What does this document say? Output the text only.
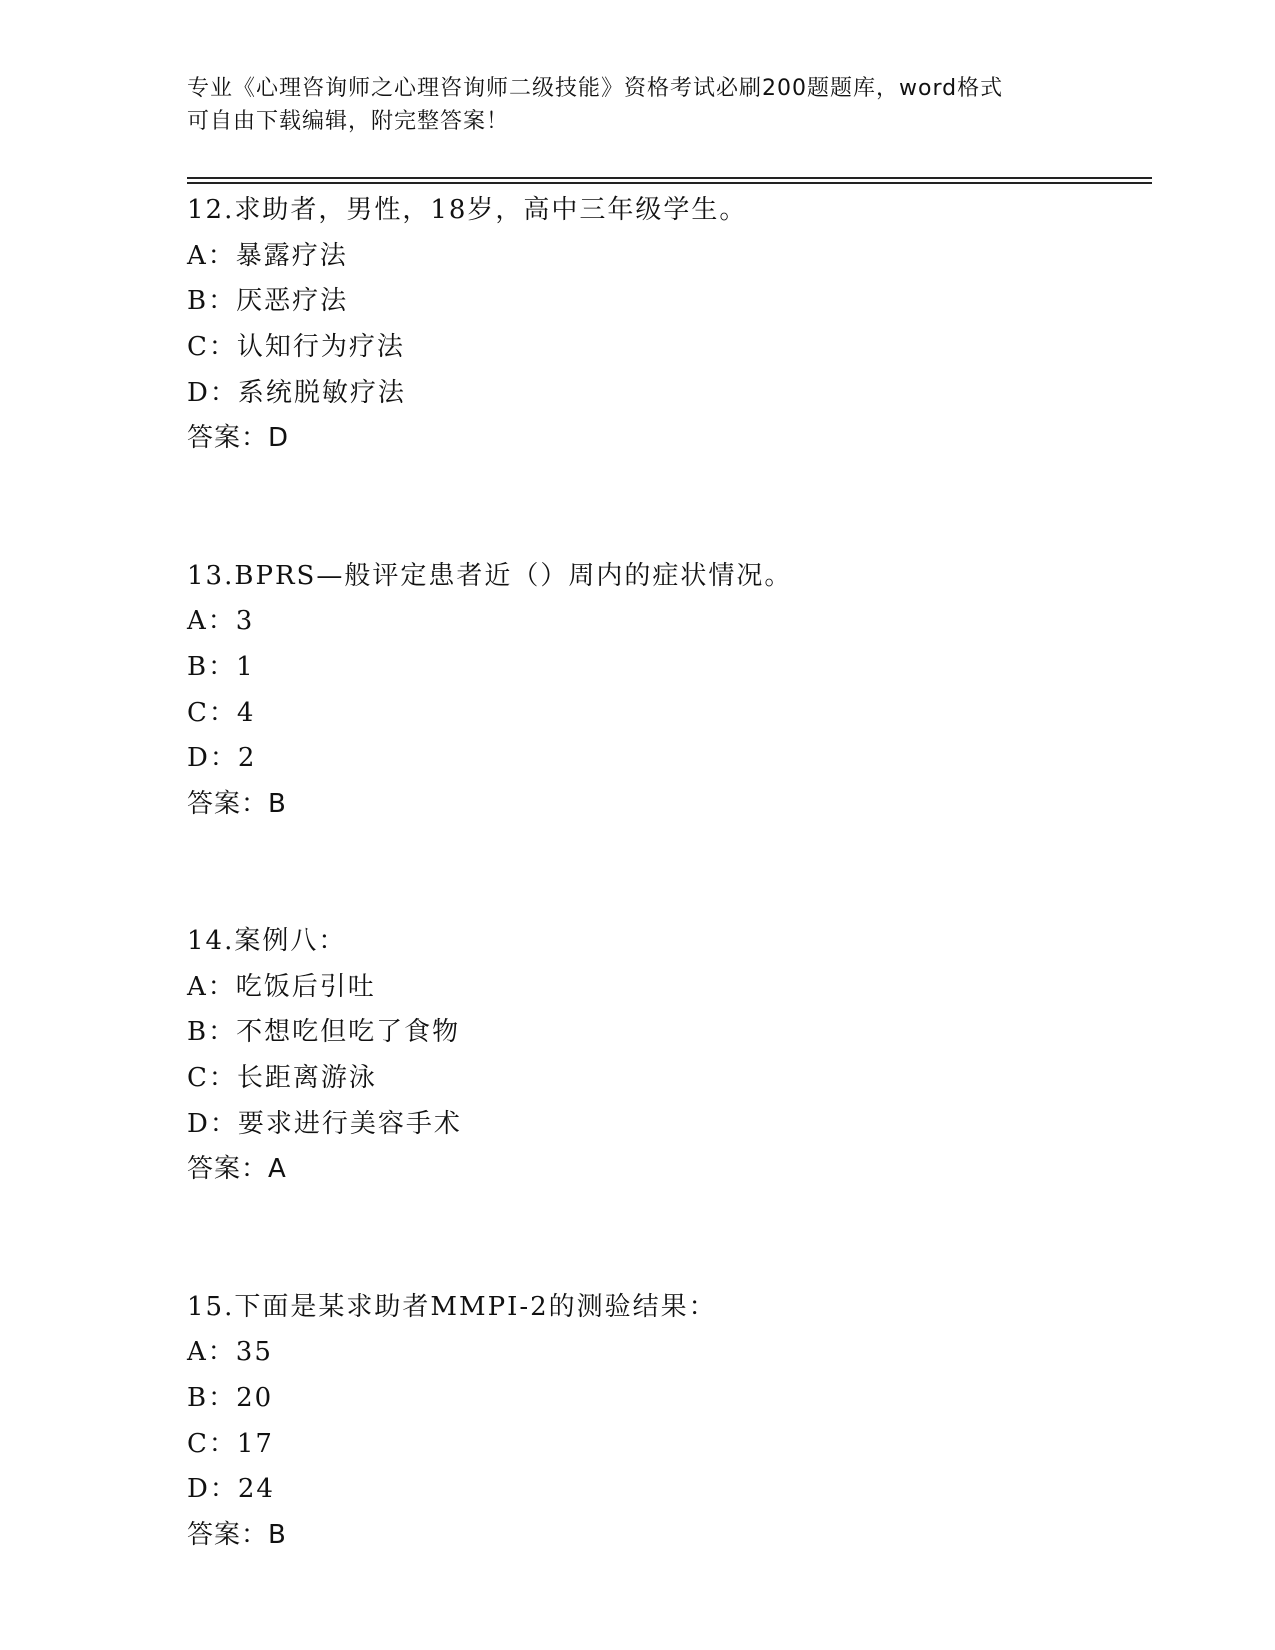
专业《心理咨询师之心理咨询师二级技能》资格考试必刷200题题库，word格式
可自由下载编辑，附完整答案！
12.求助者，男性，18岁，高中三年级学生。
A：暴露疗法
B：厌恶疗法
C：认知行为疗法
D：系统脱敏疗法
答案：D
13.BPRS—般评定患者近（）周内的症状情况。
A：3
B：1
C：4
D：2
答案：B
14.案例八：
A：吃饭后引吐
B：不想吃但吃了食物
C：长距离游泳
D：要求进行美容手术
答案：A
15.下面是某求助者MMPI-2的测验结果：
A：35
B：20
C：17
D：24
答案：B
